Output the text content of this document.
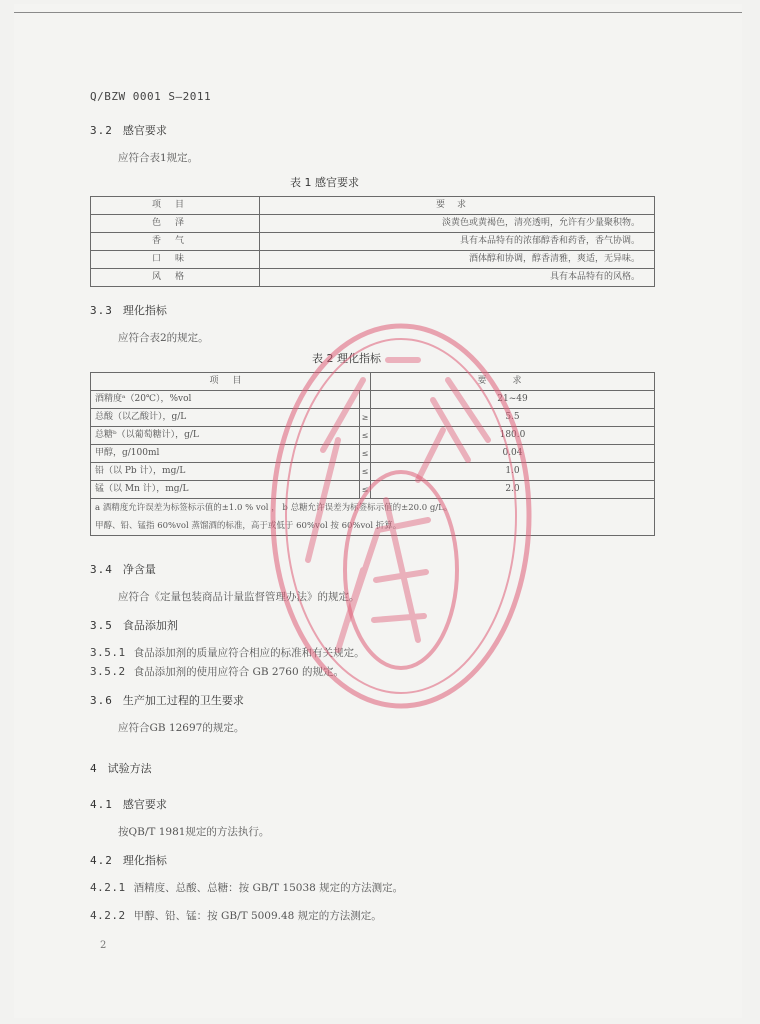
Q/BZW 0001 S—2011
3.2 感官要求
应符合表1规定。
表 1 感官要求
项目	要求
色泽	淡黄色或黄褐色，清亮透明，允许有少量聚积物。
香气	具有本品特有的浓郁醇香和药香，香气协调。
口味	酒体醇和协调，醇香清雅，爽适，无异味。
风格	具有本品特有的风格。
3.3 理化指标
应符合表2的规定。
表 2 理化指标
项目		要求
酒精度ᵃ（20℃），%vol		21~49
总酸（以乙酸计），g/L	≥	5.5
总糖ᵇ（以葡萄糖计），g/L	≤	180.0
甲醇，g/100ml	≤	0.04
铅（以 Pb 计），mg/L	≤	1.0
锰（以 Mn 计），mg/L	≤	2.0

a 酒精度允许误差为标签标示值的±1.0 % vol ， b 总糖允许误差为标签标示值的±20.0 g/L。
甲醇、铅、锰指 60%vol 蒸馏酒的标准，高于或低于 60%vol 按 60%vol 折算。		
3.4 净含量
应符合《定量包装商品计量监督管理办法》的规定。
3.5 食品添加剂
3.5.1 食品添加剂的质量应符合相应的标准和有关规定。
3.5.2 食品添加剂的使用应符合 GB 2760 的规定。
3.6 生产加工过程的卫生要求
应符合GB 12697的规定。
4 试验方法
4.1 感官要求
按QB/T 1981规定的方法执行。
4.2 理化指标
4.2.1 酒精度、总酸、总糖：按 GB/T 15038 规定的方法测定。
4.2.2 甲醇、铅、锰：按 GB/T 5009.48 规定的方法测定。
2
